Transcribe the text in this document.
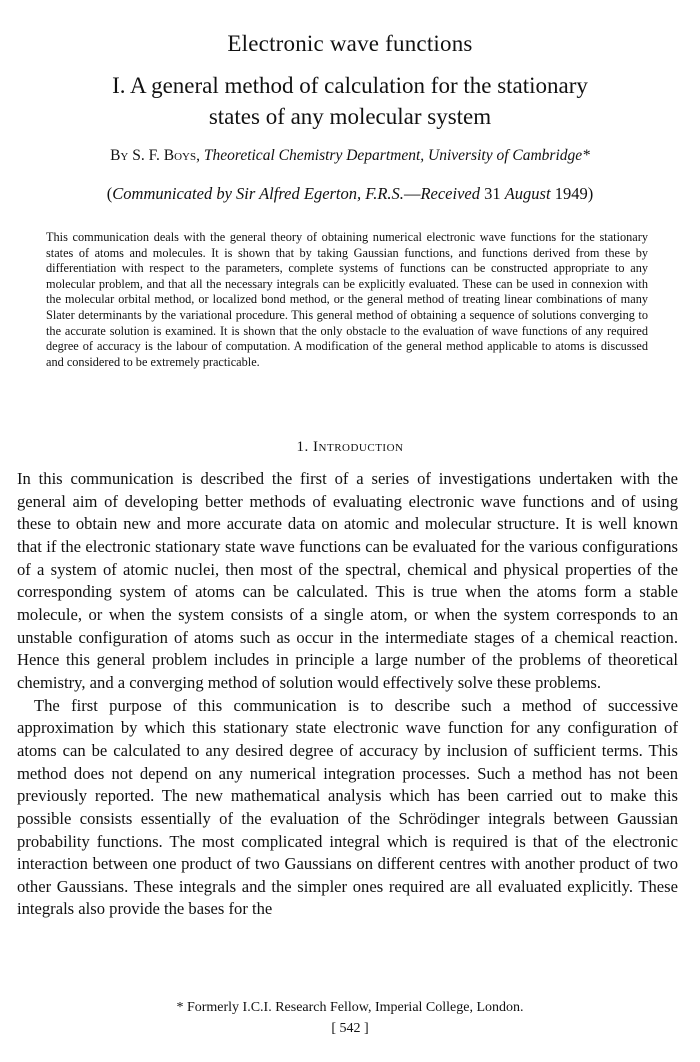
Electronic wave functions
I. A general method of calculation for the stationary
states of any molecular system
By S. F. Boys, Theoretical Chemistry Department, University of Cambridge*
(Communicated by Sir Alfred Egerton, F.R.S.—Received 31 August 1949)
This communication deals with the general theory of obtaining numerical electronic wave functions for the stationary states of atoms and molecules. It is shown that by taking Gaussian functions, and functions derived from these by differentiation with respect to the parameters, complete systems of functions can be constructed appropriate to any molecular problem, and that all the necessary integrals can be explicitly evaluated. These can be used in connexion with the molecular orbital method, or localized bond method, or the general method of treating linear combinations of many Slater determinants by the variational procedure. This general method of obtaining a sequence of solutions converging to the accurate solution is examined. It is shown that the only obstacle to the evaluation of wave functions of any required degree of accuracy is the labour of computation. A modification of the general method applicable to atoms is discussed and considered to be extremely practicable.
1. Introduction

In this communication is described the first of a series of investigations undertaken with the general aim of developing better methods of evaluating electronic wave functions and of using these to obtain new and more accurate data on atomic and molecular structure. It is well known that if the electronic stationary state wave functions can be evaluated for the various configurations of a system of atomic nuclei, then most of the spectral, chemical and physical properties of the corresponding system of atoms can be calculated. This is true when the atoms form a stable molecule, or when the system consists of a single atom, or when the system corresponds to an unstable configuration of atoms such as occur in the intermediate stages of a chemical reaction. Hence this general problem includes in principle a large number of the problems of theoretical chemistry, and a converging method of solution would effectively solve these problems.

The first purpose of this communication is to describe such a method of successive approximation by which this stationary state electronic wave function for any configuration of atoms can be calculated to any desired degree of accuracy by inclusion of sufficient terms. This method does not depend on any numerical integration processes. Such a method has not been previously reported. The new mathematical analysis which has been carried out to make this possible consists essentially of the evaluation of the Schrödinger integrals between Gaussian probability functions. The most complicated integral which is required is that of the electronic interaction between one product of two Gaussians on different centres with another product of two other Gaussians. These integrals and the simpler ones required are all evaluated explicitly. These integrals also provide the bases for the

* Formerly I.C.I. Research Fellow, Imperial College, London.
[ 542 ]
